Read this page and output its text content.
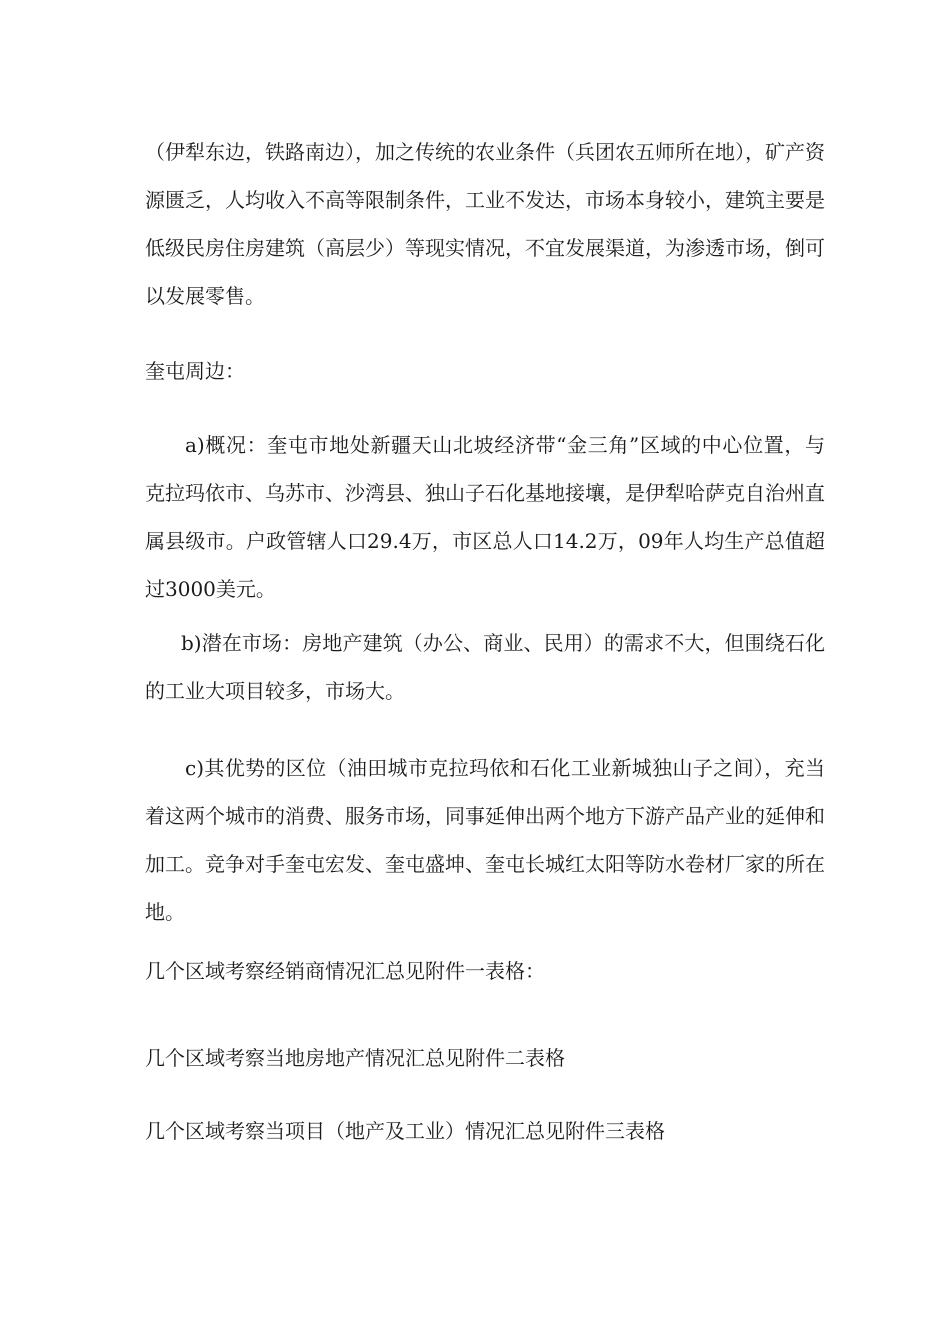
（伊犁东边，铁路南边），加之传统的农业条件（兵团农五师所在地），矿产资源匮乏，人均收入不高等限制条件，工业不发达，市场本身较小，建筑主要是低级民房住房建筑（高层少）等现实情况，不宜发展渠道，为渗透市场，倒可以发展零售。

奎屯周边：

a)概况：奎屯市地处新疆天山北坡经济带“金三角”区域的中心位置，与克拉玛依市、乌苏市、沙湾县、独山子石化基地接壤，是伊犁哈萨克自治州直属县级市。户政管辖人口29.4万，市区总人口14.2万，09年人均生产总值超过3000美元。

b)潜在市场：房地产建筑（办公、商业、民用）的需求不大，但围绕石化的工业大项目较多，市场大。

c)其优势的区位（油田城市克拉玛依和石化工业新城独山子之间），充当着这两个城市的消费、服务市场，同事延伸出两个地方下游产品产业的延伸和加工。竞争对手奎屯宏发、奎屯盛坤、奎屯长城红太阳等防水卷材厂家的所在地。

几个区域考察经销商情况汇总见附件一表格：

几个区域考察当地房地产情况汇总见附件二表格

几个区域考察当项目（地产及工业）情况汇总见附件三表格
